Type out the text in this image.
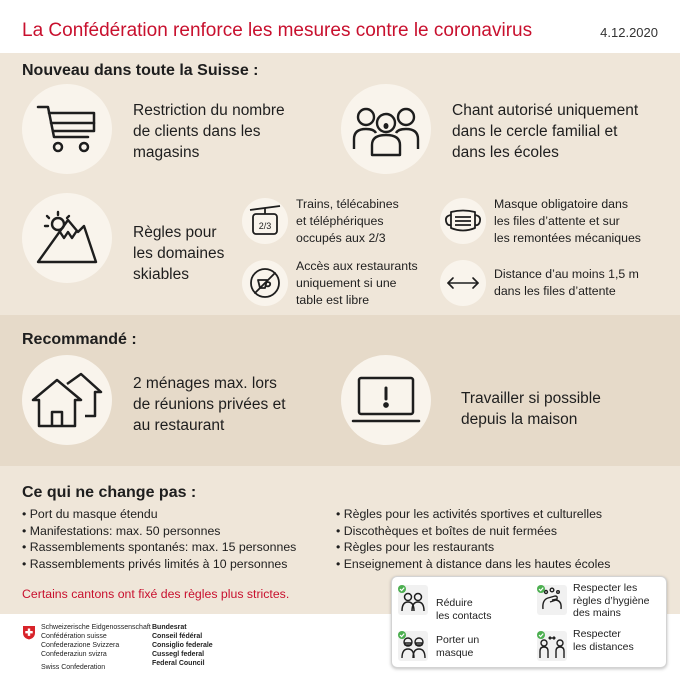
La Confédération renforce les mesures contre le coronavirus	4.12.2020
Nouveau dans toute la Suisse :
Restriction du nombre
de clients dans les
magasins
Chant autorisé uniquement
dans le cercle familial et
dans les écoles
Règles pour
les domaines
skiables
2/3
Trains, télécabines
et téléphériques
occupés aux 2/3
Masque obligatoire dans
les files d’attente et sur
les remontées mécaniques
Accès aux restaurants
uniquement si une
table est libre
Distance d’au moins 1,5 m
dans les files d’attente
Recommandé :
2 ménages max. lors
de réunions privées et
au restaurant
Travailler si possible
depuis la maison
Ce qui ne change pas :
• Port du masque étendu
• Manifestations: max. 50 personnes
• Rassemblements spontanés: max. 15 personnes
• Rassemblements privés limités à 10 personnes
• Règles pour les activités sportives et culturelles
• Discothèques et boîtes de nuit fermées
• Règles pour les restaurants
• Enseignement à distance dans les hautes écoles
Certains cantons ont fixé des règles plus strictes.
Schweizerische Eidgenossenschaft
Confédération suisse
Confederazione Svizzera
Confederaziun svizra
Swiss Confederation
Bundesrat
Conseil fédéral
Consiglio federale
Cussegl federal
Federal Council
Réduire
les contacts
Respecter les
règles d’hygiène
des mains
Porter un
masque
Respecter
les distances
